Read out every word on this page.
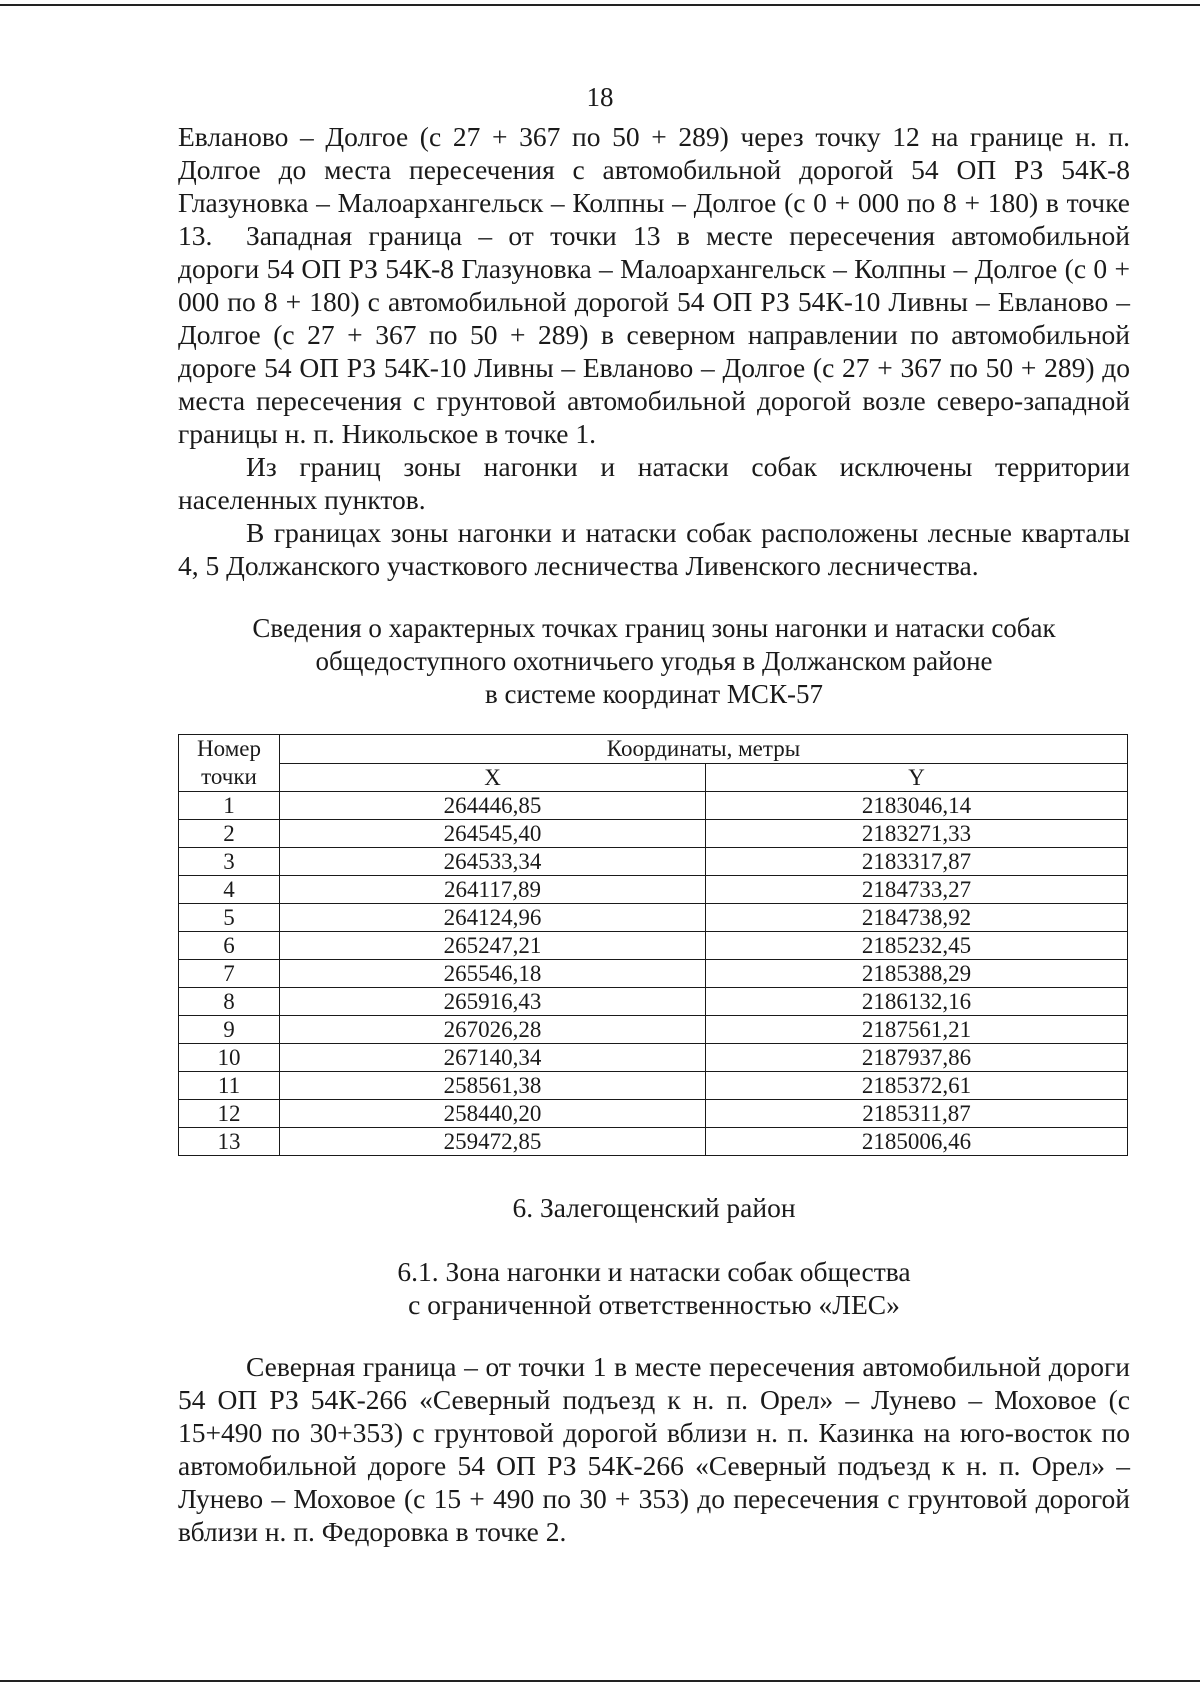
18

Евланово – Долгое (с 27 + 367 по 50 + 289) через точку 12 на границе н. п. Долгое до места пересечения с автомобильной дорогой 54 ОП РЗ 54К-8 Глазуновка – Малоархангельск – Колпны – Долгое (с 0 + 000 по 8 + 180) в точке 13.	Западная граница – от точки 13 в месте пересечения автомобильной дороги 54 ОП РЗ 54К-8 Глазуновка – Малоархангельск – Колпны – Долгое (с 0 + 000 по 8 + 180) с автомобильной дорогой 54 ОП РЗ 54К-10 Ливны – Евланово – Долгое (с 27 + 367 по 50 + 289) в северном направлении по автомобильной дороге 54 ОП РЗ 54К-10 Ливны – Евланово – Долгое (с 27 + 367 по 50 + 289) до места пересечения с грунтовой автомобильной дорогой возле северо-западной границы н. п. Никольское в точке 1.

Из границ зоны нагонки и натаски собак исключены территории населенных пунктов.

В границах зоны нагонки и натаски собак расположены лесные кварталы 4, 5 Должанского участкового лесничества Ливенского лесничества.

Сведения о характерных точках границ зоны нагонки и натаски собак

общедоступного охотничьего угодья в Должанском районе

в системе координат МСК-57

Номер
точки	Координаты, метры	
	X	Y
1	264446,85	2183046,14
2	264545,40	2183271,33
3	264533,34	2183317,87
4	264117,89	2184733,27
5	264124,96	2184738,92
6	265247,21	2185232,45
7	265546,18	2185388,29
8	265916,43	2186132,16
9	267026,28	2187561,21
10	267140,34	2187937,86
11	258561,38	2185372,61
12	258440,20	2185311,87
13	259472,85	2185006,46

6. Залегощенский район

6.1. Зона нагонки и натаски собак общества

с ограниченной ответственностью «ЛЕС»

Северная граница – от точки 1 в месте пересечения автомобильной дороги 54 ОП РЗ 54К-266 «Северный подъезд к н. п. Орел» – Лунево – Моховое (с 15+490 по 30+353) с грунтовой дорогой вблизи н. п. Казинка на юго-восток по автомобильной дороге 54 ОП РЗ 54К-266 «Северный подъезд к н. п. Орел» – Лунево – Моховое (с 15 + 490 по 30 + 353) до пересечения с грунтовой дорогой вблизи н. п. Федоровка в точке 2.
